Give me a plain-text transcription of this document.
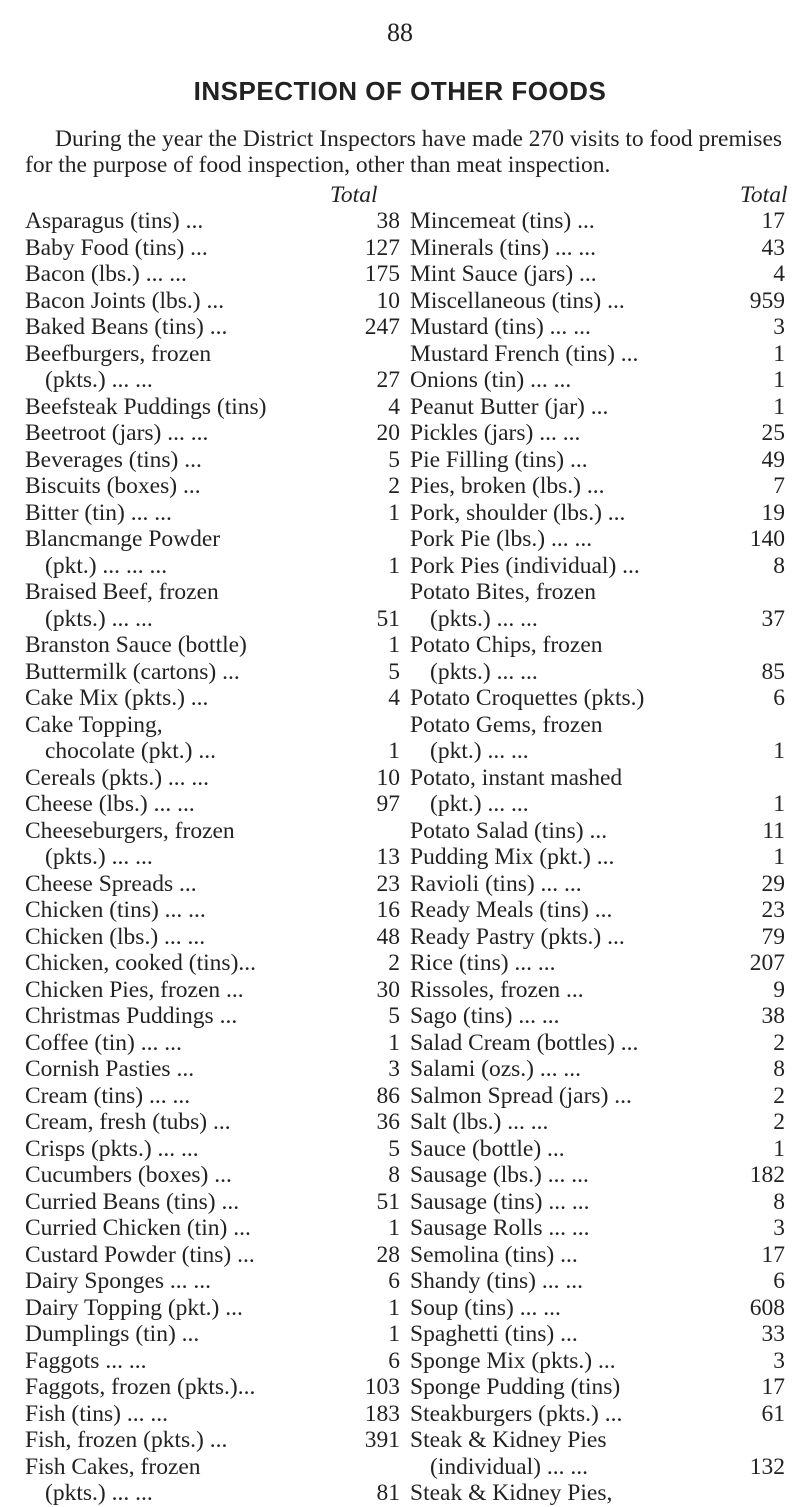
88
INSPECTION OF OTHER FOODS
During the year the District Inspectors have made 270 visits to food premises for the purpose of food inspection, other than meat inspection.
Total	Total
Asparagus (tins) ...	38
Baby Food (tins) ...	127
Bacon (lbs.) ... ...	175
Bacon Joints (lbs.) ...	10
Baked Beans (tins) ...	247
Beefburgers, frozen
(pkts.) ... ...	27
Beefsteak Puddings (tins)	4
Beetroot (jars) ... ...	20
Beverages (tins) ...	5
Biscuits (boxes) ...	2
Bitter (tin) ... ...	1
Blancmange Powder
(pkt.) ... ... ...	1
Braised Beef, frozen
(pkts.) ... ...	51
Branston Sauce (bottle)	1
Buttermilk (cartons) ...	5
Cake Mix (pkts.) ...	4
Cake Topping,
chocolate (pkt.) ...	1
Cereals (pkts.) ... ...	10
Cheese (lbs.) ... ...	97
Cheeseburgers, frozen
(pkts.) ... ...	13
Cheese Spreads ...	23
Chicken (tins) ... ...	16
Chicken (lbs.) ... ...	48
Chicken, cooked (tins)...	2
Chicken Pies, frozen ...	30
Christmas Puddings ...	5
Coffee (tin) ... ...	1
Cornish Pasties ...	3
Cream (tins) ... ...	86
Cream, fresh (tubs) ...	36
Crisps (pkts.) ... ...	5
Cucumbers (boxes) ...	8
Curried Beans (tins) ...	51
Curried Chicken (tin) ...	1
Custard Powder (tins) ...	28
Dairy Sponges ... ...	6
Dairy Topping (pkt.) ...	1
Dumplings (tin) ...	1
Faggots ... ...	6
Faggots, frozen (pkts.)...	103
Fish (tins) ... ...	183
Fish, frozen (pkts.) ...	391
Fish Cakes, frozen
(pkts.) ... ...	81
Mincemeat (tins) ...	17
Minerals (tins) ... ...	43
Mint Sauce (jars) ...	4
Miscellaneous (tins) ...	959
Mustard (tins) ... ...	3
Mustard French (tins) ...	1
Onions (tin) ... ...	1
Peanut Butter (jar) ...	1
Pickles (jars) ... ...	25
Pie Filling (tins) ...	49
Pies, broken (lbs.) ...	7
Pork, shoulder (lbs.) ...	19
Pork Pie (lbs.) ... ...	140
Pork Pies (individual) ...	8
Potato Bites, frozen
(pkts.) ... ...	37
Potato Chips, frozen
(pkts.) ... ...	85
Potato Croquettes (pkts.)	6
Potato Gems, frozen
(pkt.) ... ...	1
Potato, instant mashed
(pkt.) ... ...	1
Potato Salad (tins) ...	11
Pudding Mix (pkt.) ...	1
Ravioli (tins) ... ...	29
Ready Meals (tins) ...	23
Ready Pastry (pkts.) ...	79
Rice (tins) ... ...	207
Rissoles, frozen ...	9
Sago (tins) ... ...	38
Salad Cream (bottles) ...	2
Salami (ozs.) ... ...	8
Salmon Spread (jars) ...	2
Salt (lbs.) ... ...	2
Sauce (bottle) ...	1
Sausage (lbs.) ... ...	182
Sausage (tins) ... ...	8
Sausage Rolls ... ...	3
Semolina (tins) ...	17
Shandy (tins) ... ...	6
Soup (tins) ... ...	608
Spaghetti (tins) ...	33
Sponge Mix (pkts.) ...	3
Sponge Pudding (tins)	17
Steakburgers (pkts.) ...	61
Steak & Kidney Pies
(individual) ... ...	132
Steak & Kidney Pies,
